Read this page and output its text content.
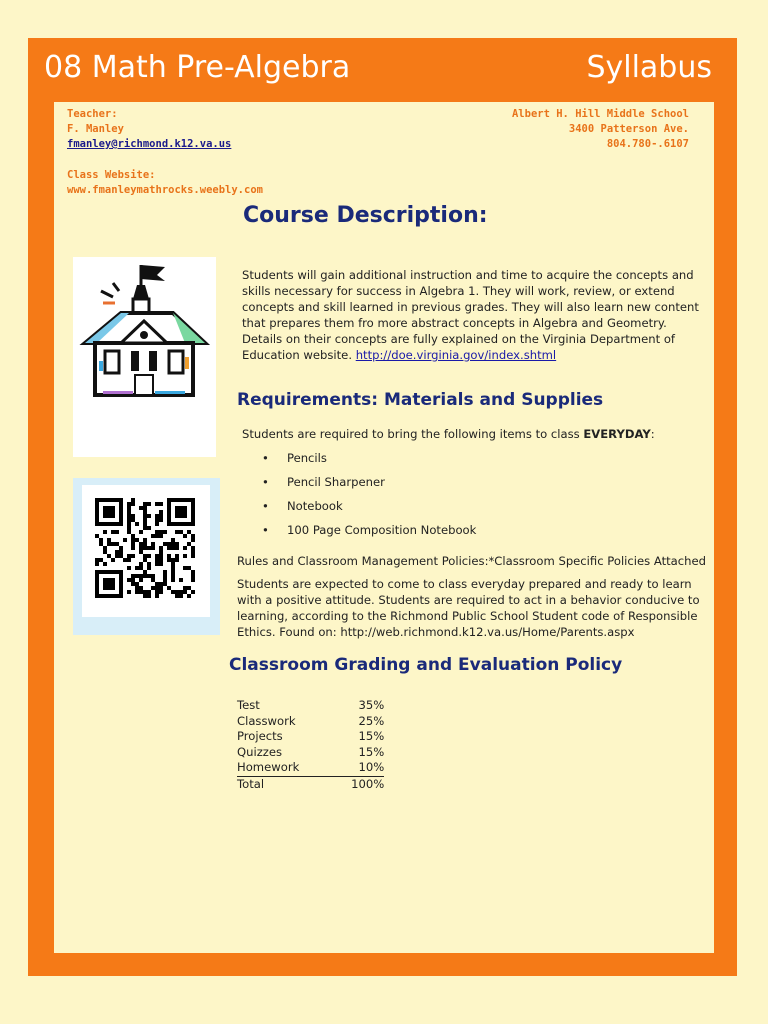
08 Math Pre-Algebra	Syllabus
Teacher:
F. Manley
fmanley@richmond.k12.va.us
Class Website:
www.fmanleymathrocks.weebly.com
Albert H. Hill Middle School
3400 Patterson Ave.
804.780-.6107
Course Description:
Students will gain additional instruction and time to acquire the concepts and skills necessary for success in Algebra 1. They will work, review, or extend concepts and skill learned in previous grades. They will also learn new content that prepares them fro more abstract concepts in Algebra and Geometry. Details on their concepts are fully explained on the Virginia Department of Education website. http://doe.virginia.gov/index.shtml
Requirements: Materials and Supplies
Students are required to bring the following items to class EVERYDAY:
• Pencils
• Pencil Sharpener
• Notebook
• 100 Page Composition Notebook
Rules and Classroom Management Policies:*Classroom Specific Policies Attached
Students are expected to come to class everyday prepared and ready to learn with a positive attitude. Students are required to act in a behavior conducive to learning, according to the Richmond Public School Student code of Responsible Ethics. Found on: http://web.richmond.k12.va.us/Home/Parents.aspx
Classroom Grading and Evaluation Policy
Test	35%
Classwork	25%
Projects	15%
Quizzes	15%
Homework	10%
Total	100%
